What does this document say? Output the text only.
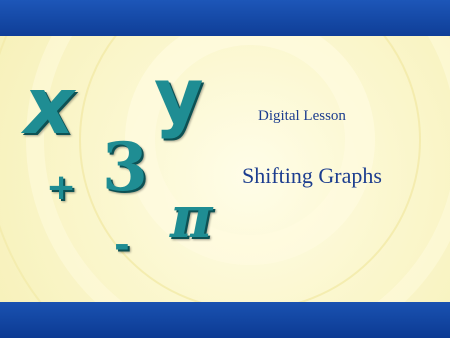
x y

3

π

+

-

Digital Lesson

Shifting Graphs
